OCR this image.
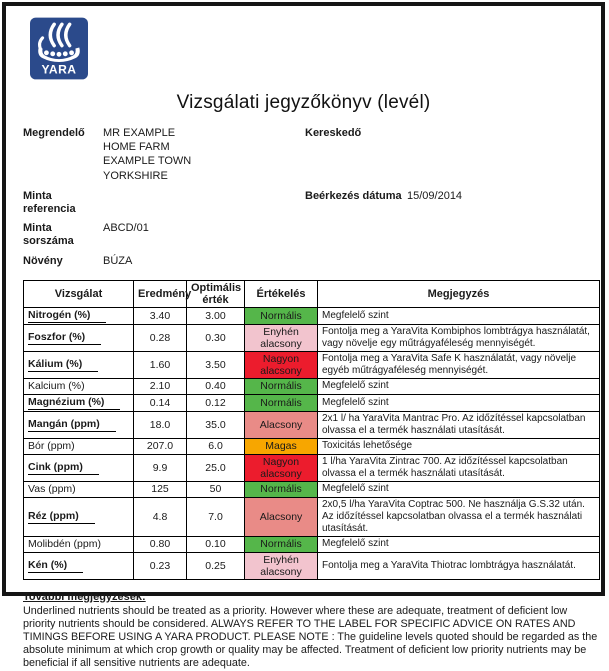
YARA
Vizsgálati jegyzőkönyv (levél)
Megrendelő	MR EXAMPLE
HOME FARM
EXAMPLE TOWN
YORKSHIRE
Kereskedő
Minta referencia
Beérkezés dátuma 15/09/2014
Minta sorszáma
ABCD/01
Növény	BÚZA
Vizsgálat	Eredmény	Optimális érték	Értékelés	Megjegyzés
Nitrogén (%)	3.40	3.00	Normális	Megfelelő szint
Foszfor (%)	0.28	0.30	Enyhén alacsony	Fontolja meg a YaraVita Kombiphos lombtrágya használatát, vagy növelje egy műtrágyaféleség mennyiségét.
Kálium (%)	1.60	3.50	Nagyon alacsony	Fontolja meg a YaraVita Safe K használatát, vagy növelje egyéb műtrágyaféleség mennyiségét.
Kalcium (%)	2.10	0.40	Normális	Megfelelő szint
Magnézium (%)	0.14	0.12	Normális	Megfelelő szint
Mangán (ppm)	18.0	35.0	Alacsony	2x1 l/ ha YaraVita Mantrac Pro. Az időzítéssel kapcsolatban olvassa el a termék használati utasítását.
Bór (ppm)	207.0	6.0	Magas	Toxicitás lehetősége
Cink (ppm)	9.9	25.0	Nagyon alacsony	1 l/ha YaraVita Zintrac 700. Az időzítéssel kapcsolatban olvassa el a termék használati utasítását.
Vas (ppm)	125	50	Normális	Megfelelő szint
Réz (ppm)	4.8	7.0	Alacsony	2x0,5 l/ha YaraVita Coptrac 500. Ne használja G.S.32 után. Az időzítéssel kapcsolatban olvassa el a termék használati utasítását.
Molibdén (ppm)	0.80	0.10	Normális	Megfelelő szint
Kén (%)	0.23	0.25	Enyhén alacsony	Fontolja meg a YaraVita Thiotrac lombtrágya használatát.
További megjegyzések:
Underlined nutrients should be treated as a priority. However where these are adequate, treatment of deficient low priority nutrients should be considered. ALWAYS REFER TO THE LABEL FOR SPECIFIC ADVICE ON RATES AND TIMINGS BEFORE USING A YARA PRODUCT. PLEASE NOTE : The guideline levels quoted should be regarded as the absolute minimum at which crop growth or quality may be affected. Treatment of deficient low priority nutrients may be beneficial if all sensitive nutrients are adequate.
